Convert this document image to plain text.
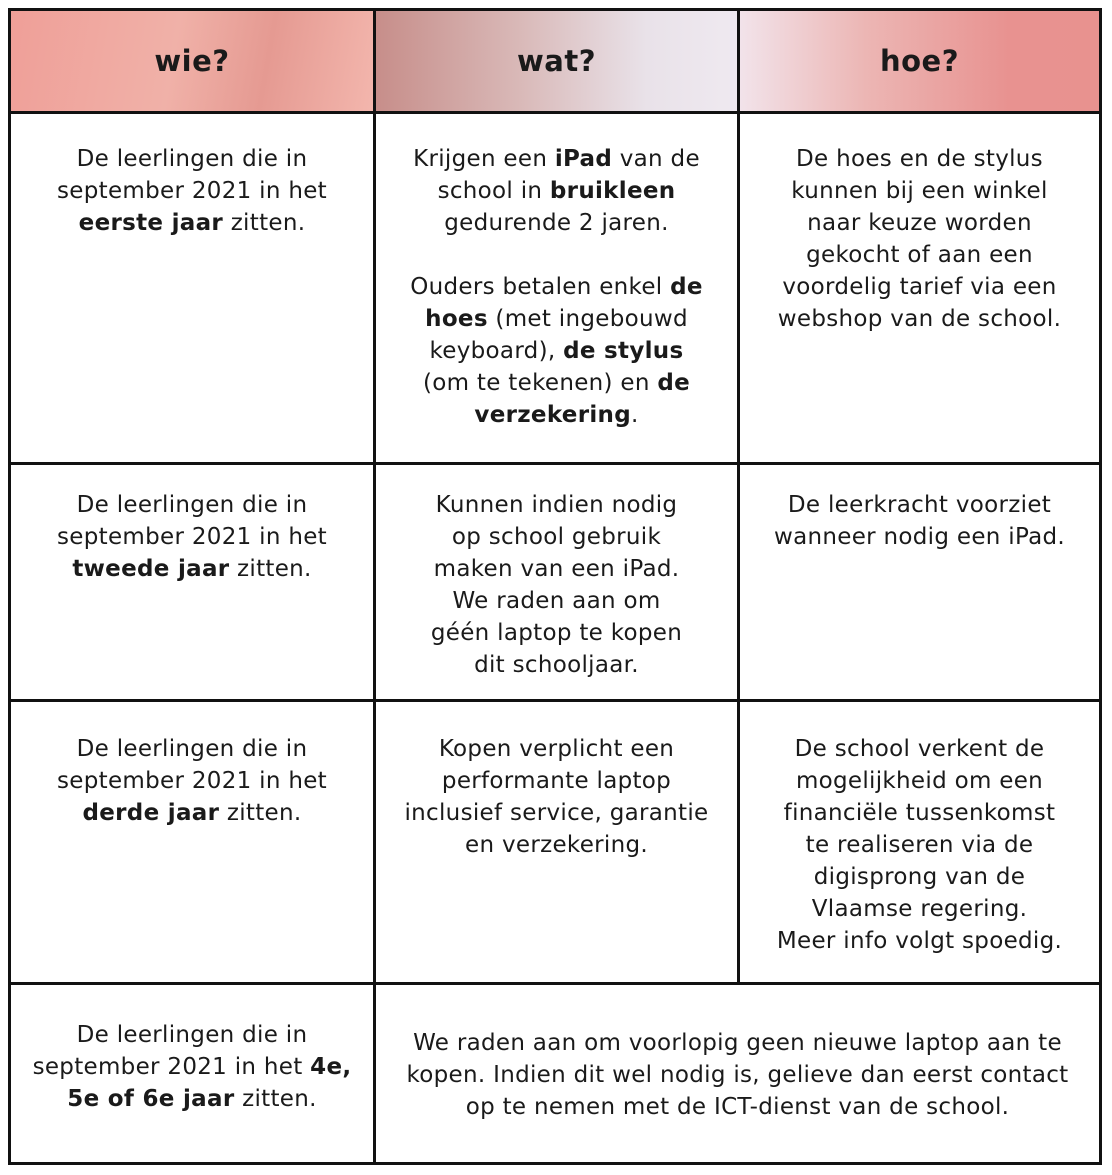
wie?	wat?	hoe?
De leerlingen die in
september 2021 in het
eerste jaar zitten.
Krijgen een iPad van de
school in bruikleen
gedurende 2 jaren.
Ouders betalen enkel de
hoes (met ingebouwd
keyboard), de stylus
(om te tekenen) en de
verzekering.
De hoes en de stylus
kunnen bij een winkel
naar keuze worden
gekocht of aan een
voordelig tarief via een
webshop van de school.
De leerlingen die in
september 2021 in het
tweede jaar zitten.
Kunnen indien nodig
op school gebruik
maken van een iPad.
We raden aan om
géén laptop te kopen
dit schooljaar.
De leerkracht voorziet
wanneer nodig een iPad.
De leerlingen die in
september 2021 in het
derde jaar zitten.
Kopen verplicht een
performante laptop
inclusief service, garantie
en verzekering.
De school verkent de
mogelijkheid om een
financiële tussenkomst
te realiseren via de
digisprong van de
Vlaamse regering.
Meer info volgt spoedig.
De leerlingen die in
september 2021 in het 4e,
5e of 6e jaar zitten.
We raden aan om voorlopig geen nieuwe laptop aan te
kopen. Indien dit wel nodig is, gelieve dan eerst contact
op te nemen met de ICT-dienst van de school.
